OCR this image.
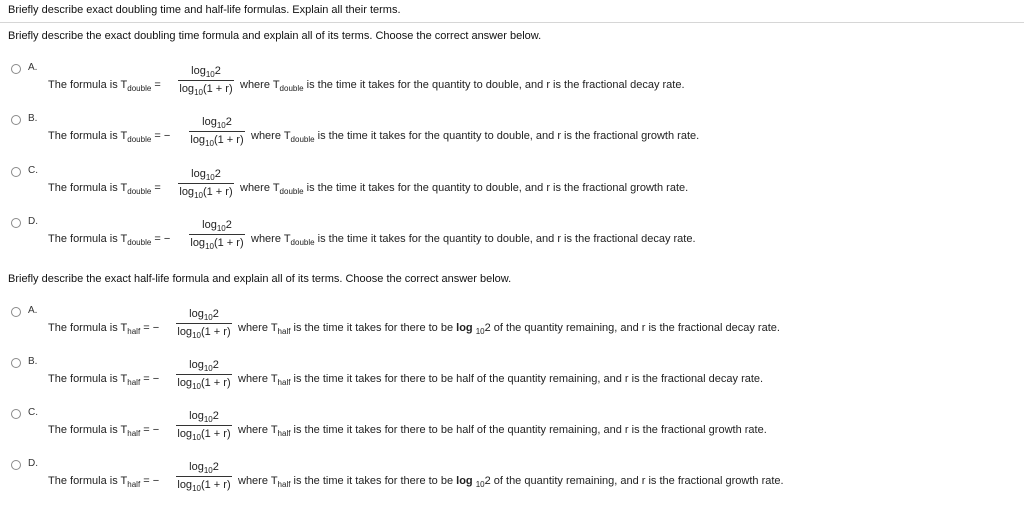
Briefly describe exact doubling time and half-life formulas. Explain all their terms.
Briefly describe the exact doubling time formula and explain all of its terms. Choose the correct answer below.
A.
The formula is $T_{double}$ =
$\log_{10}2$
$\log_{10}(1 + r)$ where $T_{double}$ is the time it takes for the quantity to double, and r is the fractional decay rate.
B.
The formula is $T_{double}$ = −
$\log_{10}2$
$\log_{10}(1 + r)$ where $T_{double}$ is the time it takes for the quantity to double, and r is the fractional growth rate.
C.
The formula is $T_{double}$ =
$\log_{10}2$
$\log_{10}(1 + r)$ where $T_{double}$ is the time it takes for the quantity to double, and r is the fractional growth rate.
D.
The formula is $T_{double}$ = −
$\log_{10}2$
$\log_{10}(1 + r)$ where $T_{double}$ is the time it takes for the quantity to double, and r is the fractional decay rate.
Briefly describe the exact half-life formula and explain all of its terms. Choose the correct answer below.
A.
The formula is $T_{half}$ = −
$\log_{10}2$
$\log_{10}(1 + r)$ where $T_{half}$ is the time it takes for there to be log $_{10}$2 of the quantity remaining, and r is the fractional decay rate.
B.
The formula is $T_{half}$ = −
$\log_{10}2$
$\log_{10}(1 + r)$ where $T_{half}$ is the time it takes for there to be half of the quantity remaining, and r is the fractional decay rate.
C.
The formula is $T_{half}$ = −
$\log_{10}2$
$\log_{10}(1 + r)$ where $T_{half}$ is the time it takes for there to be half of the quantity remaining, and r is the fractional growth rate.
D.
The formula is $T_{half}$ = −
$\log_{10}2$
$\log_{10}(1 + r)$ where $T_{half}$ is the time it takes for there to be log $_{10}$2 of the quantity remaining, and r is the fractional growth rate.
